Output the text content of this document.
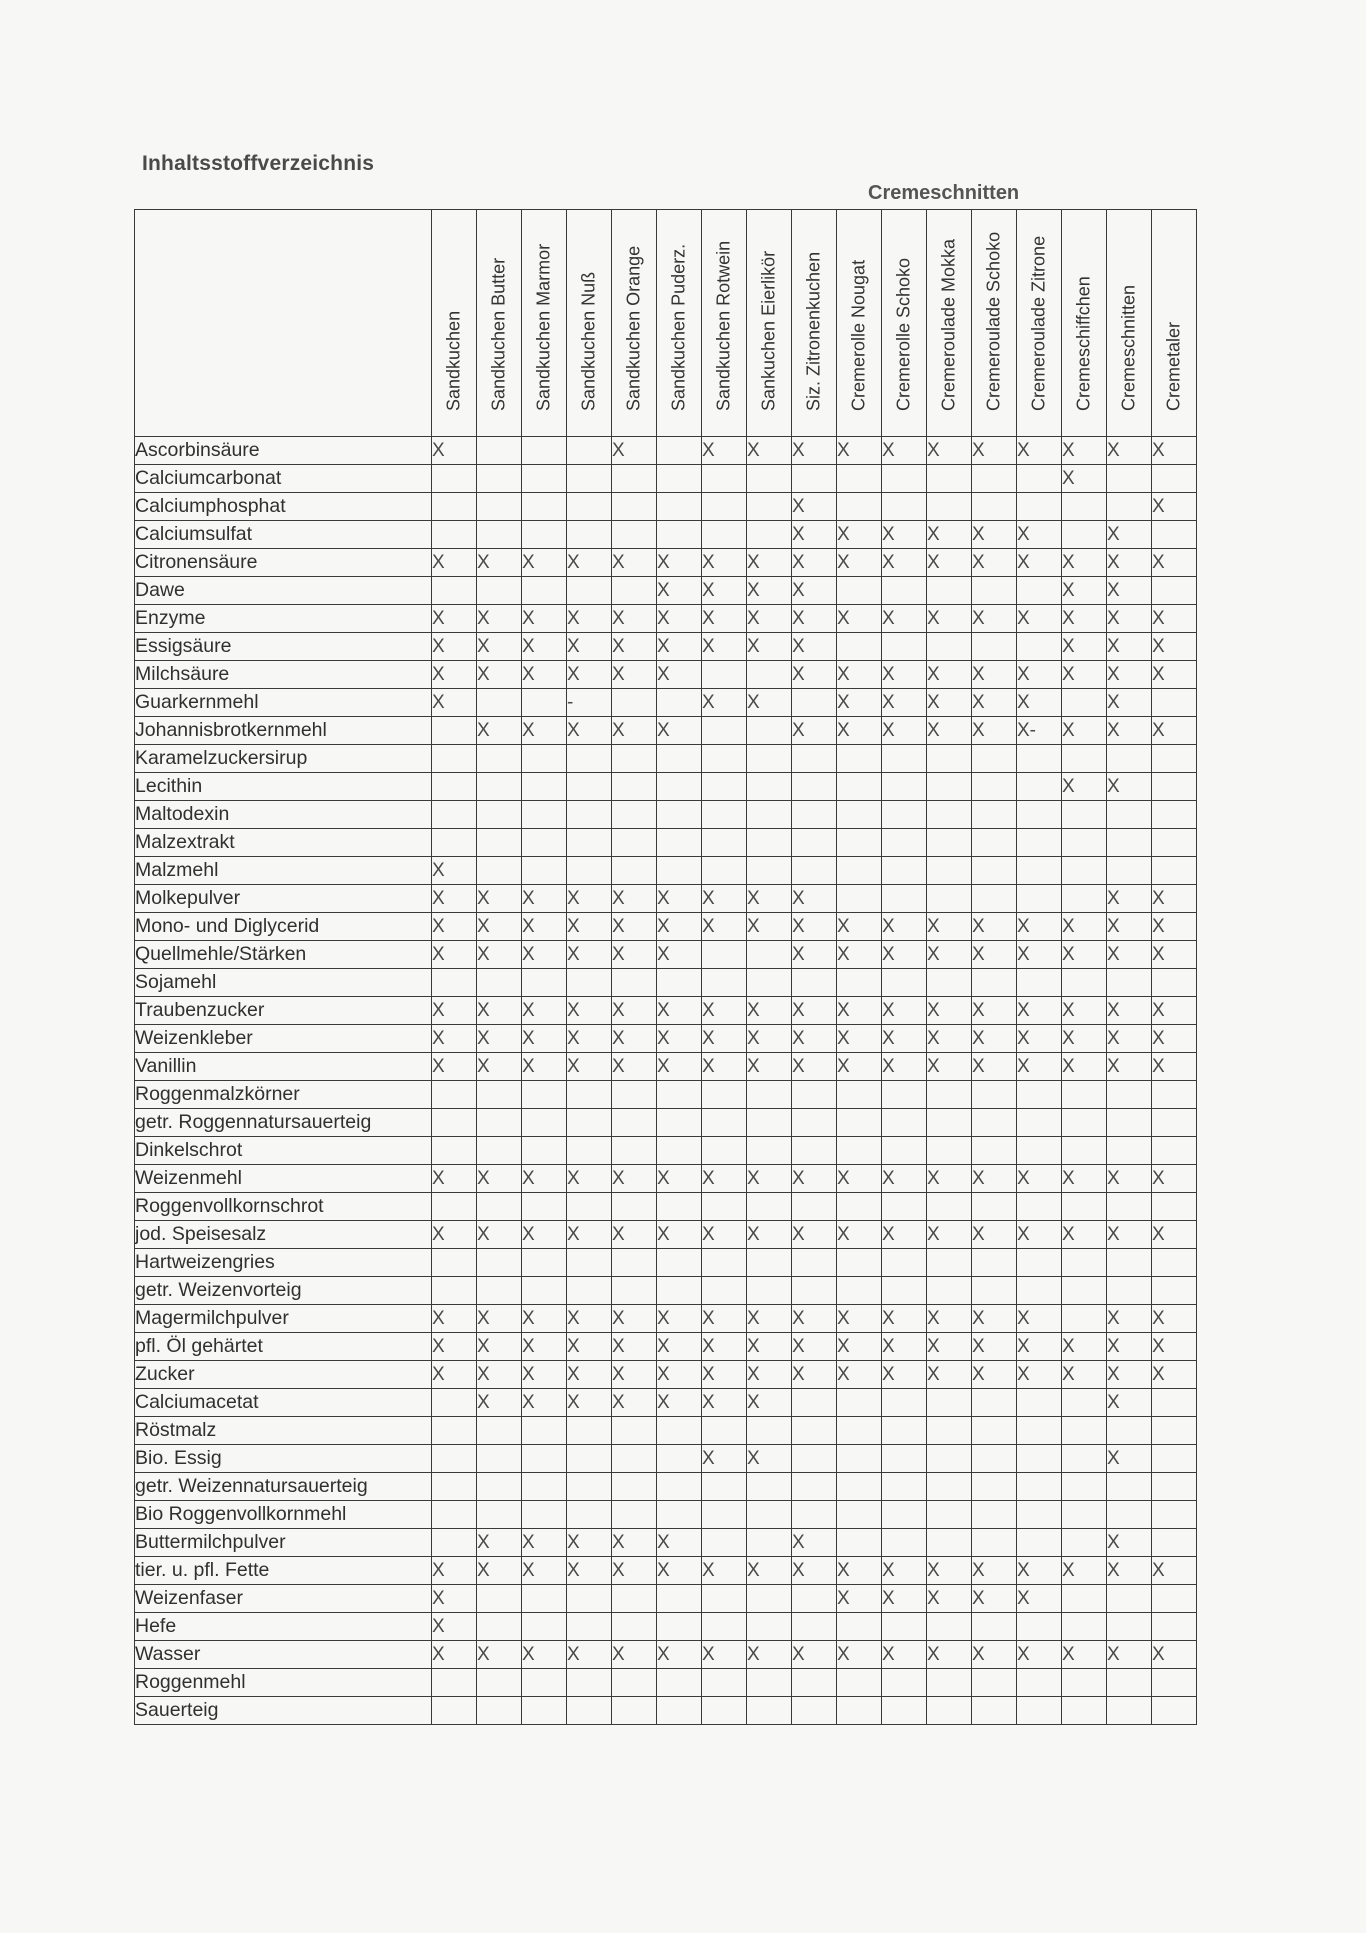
Inhaltsstoffverzeichnis
Cremeschnitten

	Sandkuchen	Sandkuchen Butter	Sandkuchen Marmor	Sandkuchen Nuß	Sandkuchen Orange	Sandkuchen Puderz.	Sandkuchen Rotwein	Sankuchen Eierlikör	Siz. Zitronenkuchen	Cremerolle Nougat	Cremerolle Schoko	Cremeroulade Mokka	Cremeroulade Schoko	Cremeroulade Zitrone	Cremeschiffchen	Cremeschnitten	Cremetaler

Ascorbinsäure	X				X		X	X	X	X	X	X	X	X	X	X	X
Calciumcarbonat															X		
Calciumphosphat									X								X
Calciumsulfat									X	X	X	X	X	X		X	
Citronensäure	X	X	X	X	X	X	X	X	X	X	X	X	X	X	X	X	X
Dawe						X	X	X	X						X	X	
Enzyme	X	X	X	X	X	X	X	X	X	X	X	X	X	X	X	X	X
Essigsäure	X	X	X	X	X	X	X	X	X						X	X	X
Milchsäure	X	X	X	X	X	X			X	X	X	X	X	X	X	X	X
Guarkernmehl	X			-			X	X		X	X	X	X	X		X	
Johannisbrotkernmehl		X	X	X	X	X			X	X	X	X	X	X-	X	X	X
Karamelzuckersirup																	
Lecithin															X	X	
Maltodexin																	
Malzextrakt																	
Malzmehl	X																
Molkepulver	X	X	X	X	X	X	X	X	X							X	X
Mono- und Diglycerid	X	X	X	X	X	X	X	X	X	X	X	X	X	X	X	X	X
Quellmehle/Stärken	X	X	X	X	X	X			X	X	X	X	X	X	X	X	X
Sojamehl																	
Traubenzucker	X	X	X	X	X	X	X	X	X	X	X	X	X	X	X	X	X
Weizenkleber	X	X	X	X	X	X	X	X	X	X	X	X	X	X	X	X	X
Vanillin	X	X	X	X	X	X	X	X	X	X	X	X	X	X	X	X	X
Roggenmalzkörner																	
getr. Roggennatursauerteig																	
Dinkelschrot																	
Weizenmehl	X	X	X	X	X	X	X	X	X	X	X	X	X	X	X	X	X
Roggenvollkornschrot																	
jod. Speisesalz	X	X	X	X	X	X	X	X	X	X	X	X	X	X	X	X	X
Hartweizengries																	
getr. Weizenvorteig																	
Magermilchpulver	X	X	X	X	X	X	X	X	X	X	X	X	X	X		X	X
pfl. Öl gehärtet	X	X	X	X	X	X	X	X	X	X	X	X	X	X	X	X	X
Zucker	X	X	X	X	X	X	X	X	X	X	X	X	X	X	X	X	X
Calciumacetat		X	X	X	X	X	X	X								X	
Röstmalz																	
Bio. Essig							X	X								X	
getr. Weizennatursauerteig																	
Bio Roggenvollkornmehl																	
Buttermilchpulver		X	X	X	X	X			X							X	
tier. u. pfl. Fette	X	X	X	X	X	X	X	X	X	X	X	X	X	X	X	X	X
Weizenfaser	X									X	X	X	X	X			
Hefe	X																
Wasser	X	X	X	X	X	X	X	X	X	X	X	X	X	X	X	X	X
Roggenmehl																	
Sauerteig																	
